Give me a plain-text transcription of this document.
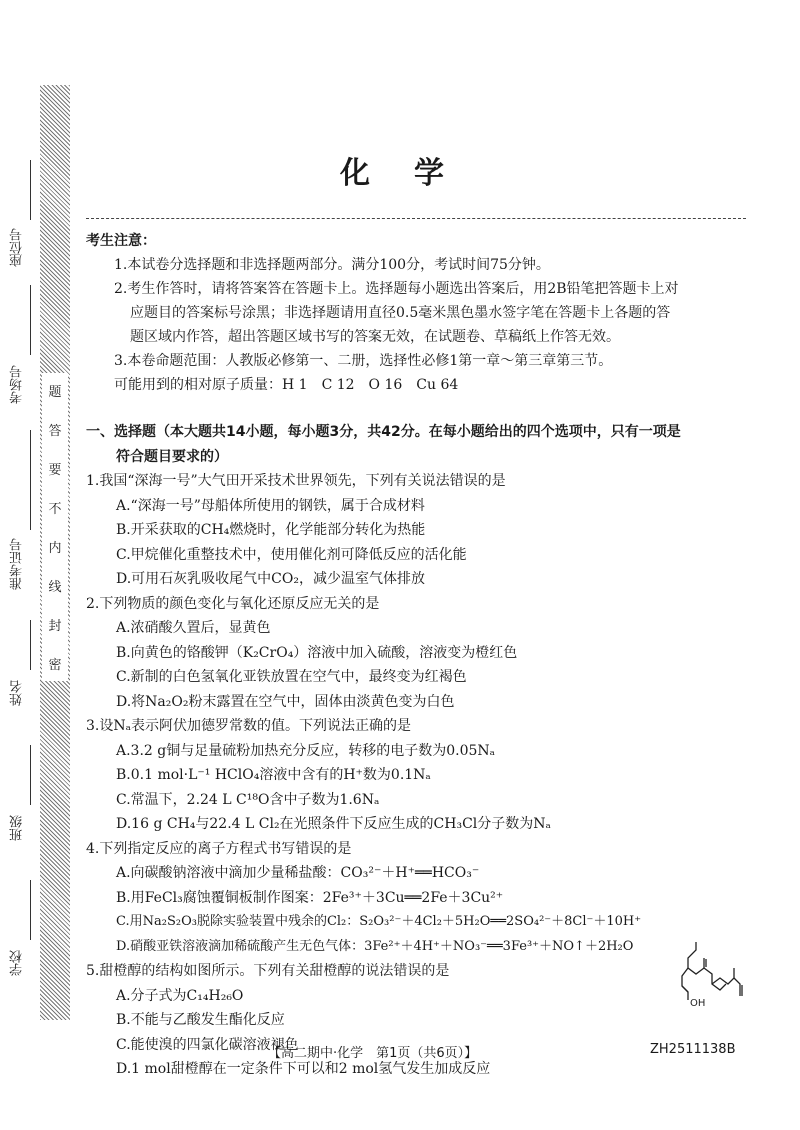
座位号
考场号
准考证号
姓名
班级
学校
题
答
要
不
内
线
封
密
化学
考生注意：
1.本试卷分选择题和非选择题两部分。满分100分，考试时间75分钟。
2.考生作答时，请将答案答在答题卡上。选择题每小题选出答案后，用2B铅笔把答题卡上对
应题目的答案标号涂黑；非选择题请用直径0.5毫米黑色墨水签字笔在答题卡上各题的答
题区域内作答，超出答题区域书写的答案无效，在试题卷、草稿纸上作答无效。
3.本卷命题范围：人教版必修第一、二册，选择性必修1第一章～第三章第三节。
可能用到的相对原子质量：H 1　C 12　O 16　Cu 64
一、选择题（本大题共14小题，每小题3分，共42分。在每小题给出的四个选项中，只有一项是
符合题目要求的）
1.我国“深海一号”大气田开采技术世界领先，下列有关说法错误的是
A.“深海一号”母船体所使用的钢铁，属于合成材料
B.开采获取的CH₄燃烧时，化学能部分转化为热能
C.甲烷催化重整技术中，使用催化剂可降低反应的活化能
D.可用石灰乳吸收尾气中CO₂，减少温室气体排放
2.下列物质的颜色变化与氧化还原反应无关的是
A.浓硝酸久置后，显黄色
B.向黄色的铬酸钾（K₂CrO₄）溶液中加入硫酸，溶液变为橙红色
C.新制的白色氢氧化亚铁放置在空气中，最终变为红褐色
D.将Na₂O₂粉末露置在空气中，固体由淡黄色变为白色
3.设Nₐ表示阿伏加德罗常数的值。下列说法正确的是
A.3.2 g铜与足量硫粉加热充分反应，转移的电子数为0.05Nₐ
B.0.1 mol·L⁻¹ HClO₄溶液中含有的H⁺数为0.1Nₐ
C.常温下，2.24 L C¹⁸O含中子数为1.6Nₐ
D.16 g CH₄与22.4 L Cl₂在光照条件下反应生成的CH₃Cl分子数为Nₐ
4.下列指定反应的离子方程式书写错误的是
A.向碳酸钠溶液中滴加少量稀盐酸：CO₃²⁻＋H⁺══HCO₃⁻
B.用FeCl₃腐蚀覆铜板制作图案：2Fe³⁺＋3Cu══2Fe＋3Cu²⁺
C.用Na₂S₂O₃脱除实验装置中残余的Cl₂：S₂O₃²⁻＋4Cl₂＋5H₂O══2SO₄²⁻＋8Cl⁻＋10H⁺
D.硝酸亚铁溶液滴加稀硫酸产生无色气体：3Fe²⁺＋4H⁺＋NO₃⁻══3Fe³⁺＋NO↑＋2H₂O
5.甜橙醇的结构如图所示。下列有关甜橙醇的说法错误的是
A.分子式为C₁₄H₂₆O
B.不能与乙酸发生酯化反应
C.能使溴的四氯化碳溶液褪色
D.1 mol甜橙醇在一定条件下可以和2 mol氢气发生加成反应
OH
【高二期中·化学　第1页（共6页）】	ZH2511138B
